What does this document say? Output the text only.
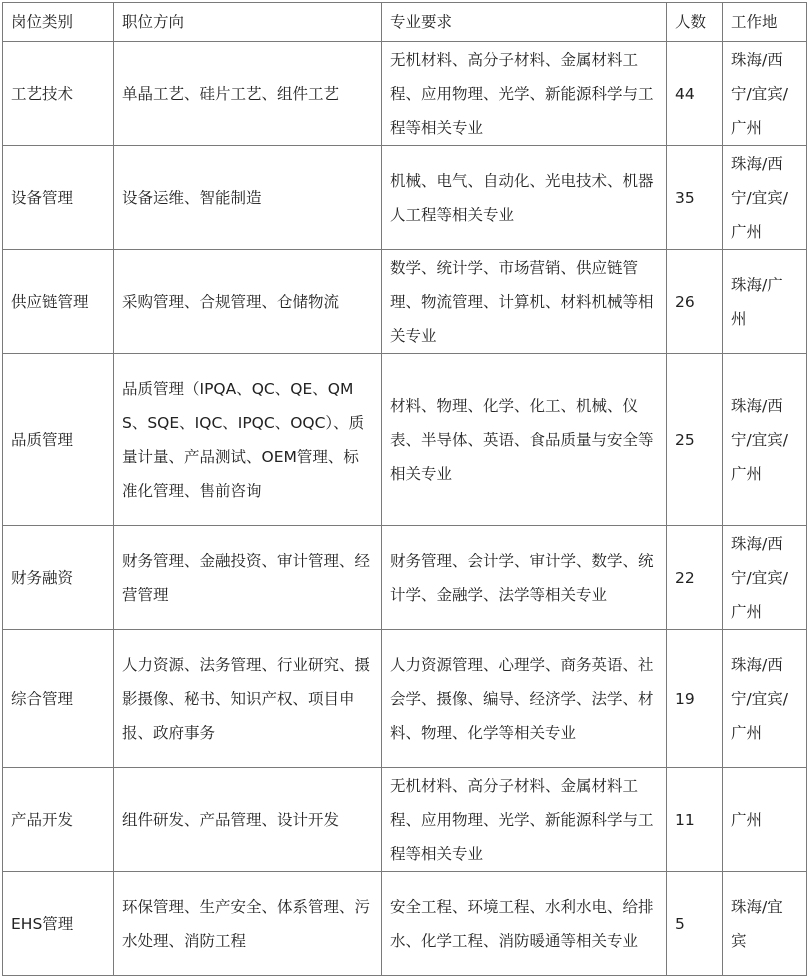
岗位类别	职位方向	专业要求	人数	工作地
工艺技术	单晶工艺、硅片工艺、组件工艺	无机材料、高分子材料、金属材料工程、应用物理、光学、新能源科学与工程等相关专业	44	珠海/西宁/宜宾/广州
设备管理	设备运维、智能制造	机械、电气、自动化、光电技术、机器人工程等相关专业	35	珠海/西宁/宜宾/广州
供应链管理	采购管理、合规管理、仓储物流	数学、统计学、市场营销、供应链管理、物流管理、计算机、材料机械等相关专业	26	珠海/广州
品质管理	品质管理（IPQA、QC、QE、QMS、SQE、IQC、IPQC、OQC）、质量计量、产品测试、OEM管理、标准化管理、售前咨询	材料、物理、化学、化工、机械、仪表、半导体、英语、食品质量与安全等相关专业	25	珠海/西宁/宜宾/广州
财务融资	财务管理、金融投资、审计管理、经营管理	财务管理、会计学、审计学、数学、统计学、金融学、法学等相关专业	22	珠海/西宁/宜宾/广州
综合管理	人力资源、法务管理、行业研究、摄影摄像、秘书、知识产权、项目申报、政府事务	人力资源管理、心理学、商务英语、社会学、摄像、编导、经济学、法学、材料、物理、化学等相关专业	19	珠海/西宁/宜宾/广州
产品开发	组件研发、产品管理、设计开发	无机材料、高分子材料、金属材料工程、应用物理、光学、新能源科学与工程等相关专业	11	广州
EHS管理	环保管理、生产安全、体系管理、污水处理、消防工程	安全工程、环境工程、水利水电、给排水、化学工程、消防暖通等相关专业	5	珠海/宜宾
